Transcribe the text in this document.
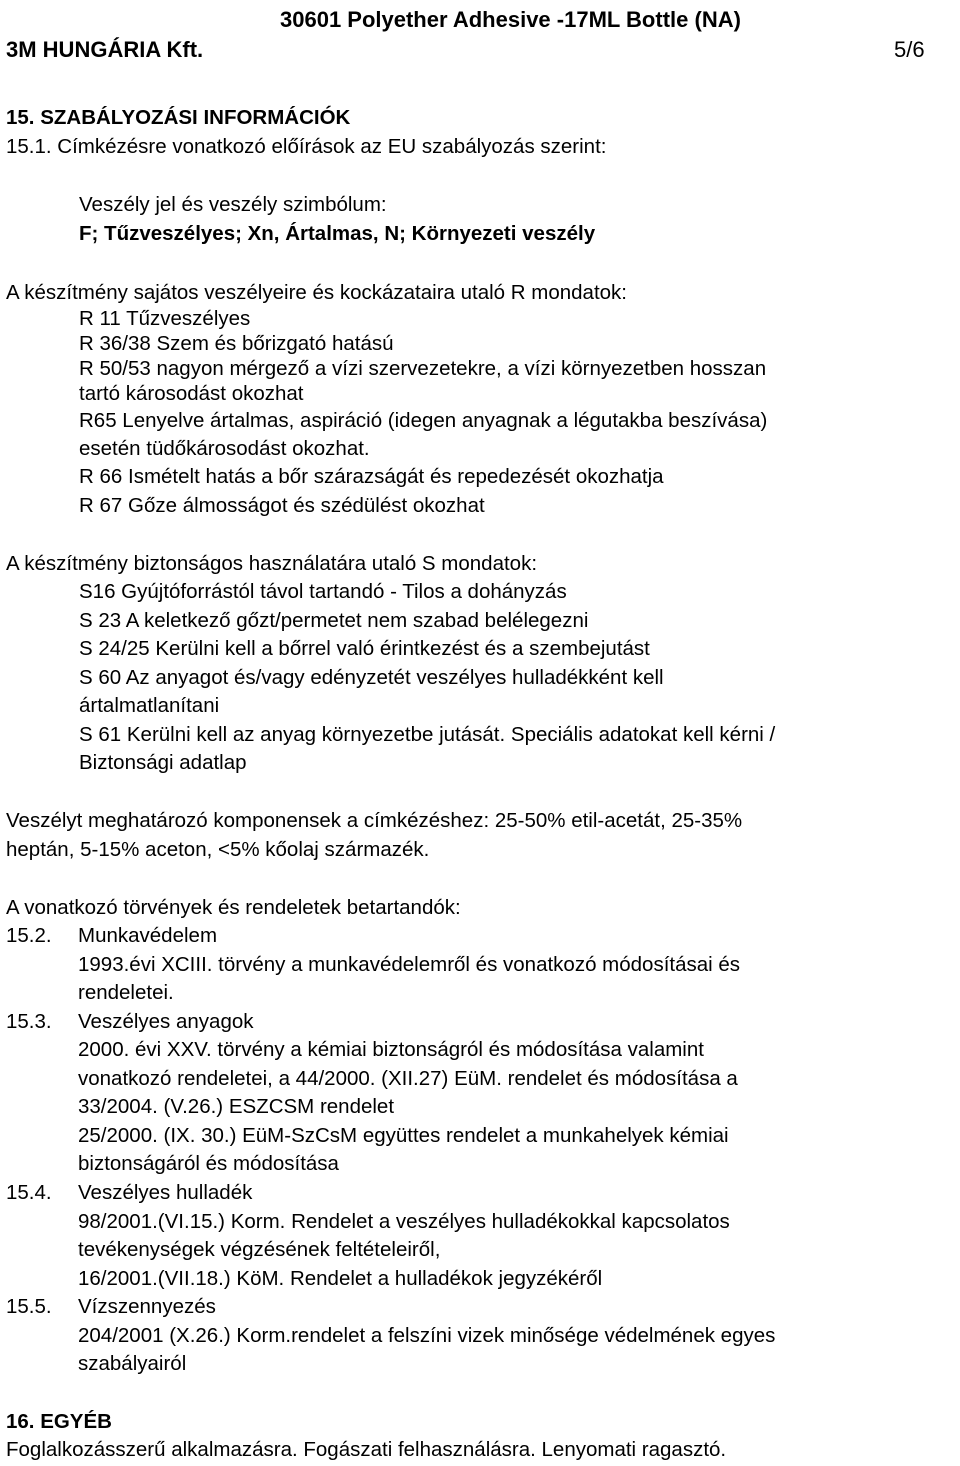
30601 Polyether Adhesive -17ML Bottle (NA)
3M HUNGÁRIA Kft.	5/6
15. SZABÁLYOZÁSI INFORMÁCIÓK
15.1. Címkézésre vonatkozó előírások az EU szabályozás szerint:
Veszély jel és veszély szimbólum:
F; Tűzveszélyes; Xn, Ártalmas, N; Környezeti veszély
A készítmény sajátos veszélyeire és kockázataira utaló R mondatok:
R 11 Tűzveszélyes
R 36/38 Szem és bőrizgató hatású
R 50/53 nagyon mérgező a vízi szervezetekre, a vízi környezetben hosszan
tartó károsodást okozhat
R65 Lenyelve ártalmas, aspiráció (idegen anyagnak a légutakba beszívása)
esetén tüdőkárosodást okozhat.
R 66 Ismételt hatás a bőr szárazságát és repedezését okozhatja
R 67 Gőze álmosságot és szédülést okozhat
A készítmény biztonságos használatára utaló S mondatok:
S16 Gyújtóforrástól távol tartandó - Tilos a dohányzás
S 23 A keletkező gőzt/permetet nem szabad belélegezni
S 24/25 Kerülni kell a bőrrel való érintkezést és a szembejutást
S 60 Az anyagot és/vagy edényzetét veszélyes hulladékként kell
ártalmatlanítani
S 61 Kerülni kell az anyag környezetbe jutását. Speciális adatokat kell kérni /
Biztonsági adatlap
Veszélyt meghatározó komponensek a címkézéshez: 25-50% etil-acetát, 25-35%
heptán, 5-15% aceton, <5% kőolaj származék.
A vonatkozó törvények és rendeletek betartandók:
15.2. Munkavédelem
1993.évi XCIII. törvény a munkavédelemről és vonatkozó módosításai és
rendeletei.
15.3. Veszélyes anyagok
2000. évi XXV. törvény a kémiai biztonságról és módosítása valamint
vonatkozó rendeletei, a 44/2000. (XII.27) EüM. rendelet és módosítása a
33/2004. (V.26.) ESZCSM rendelet
25/2000. (IX. 30.) EüM-SzCsM együttes rendelet a munkahelyek kémiai
biztonságáról és módosítása
15.4. Veszélyes hulladék
98/2001.(VI.15.) Korm. Rendelet a veszélyes hulladékokkal kapcsolatos
tevékenységek végzésének feltételeiről,
16/2001.(VII.18.) KöM. Rendelet a hulladékok jegyzékéről
15.5. Vízszennyezés
204/2001 (X.26.) Korm.rendelet a felszíni vizek minősége védelmének egyes
szabályairól
16. EGYÉB
Foglalkozásszerű alkalmazásra. Fogászati felhasználásra. Lenyomati ragasztó.
